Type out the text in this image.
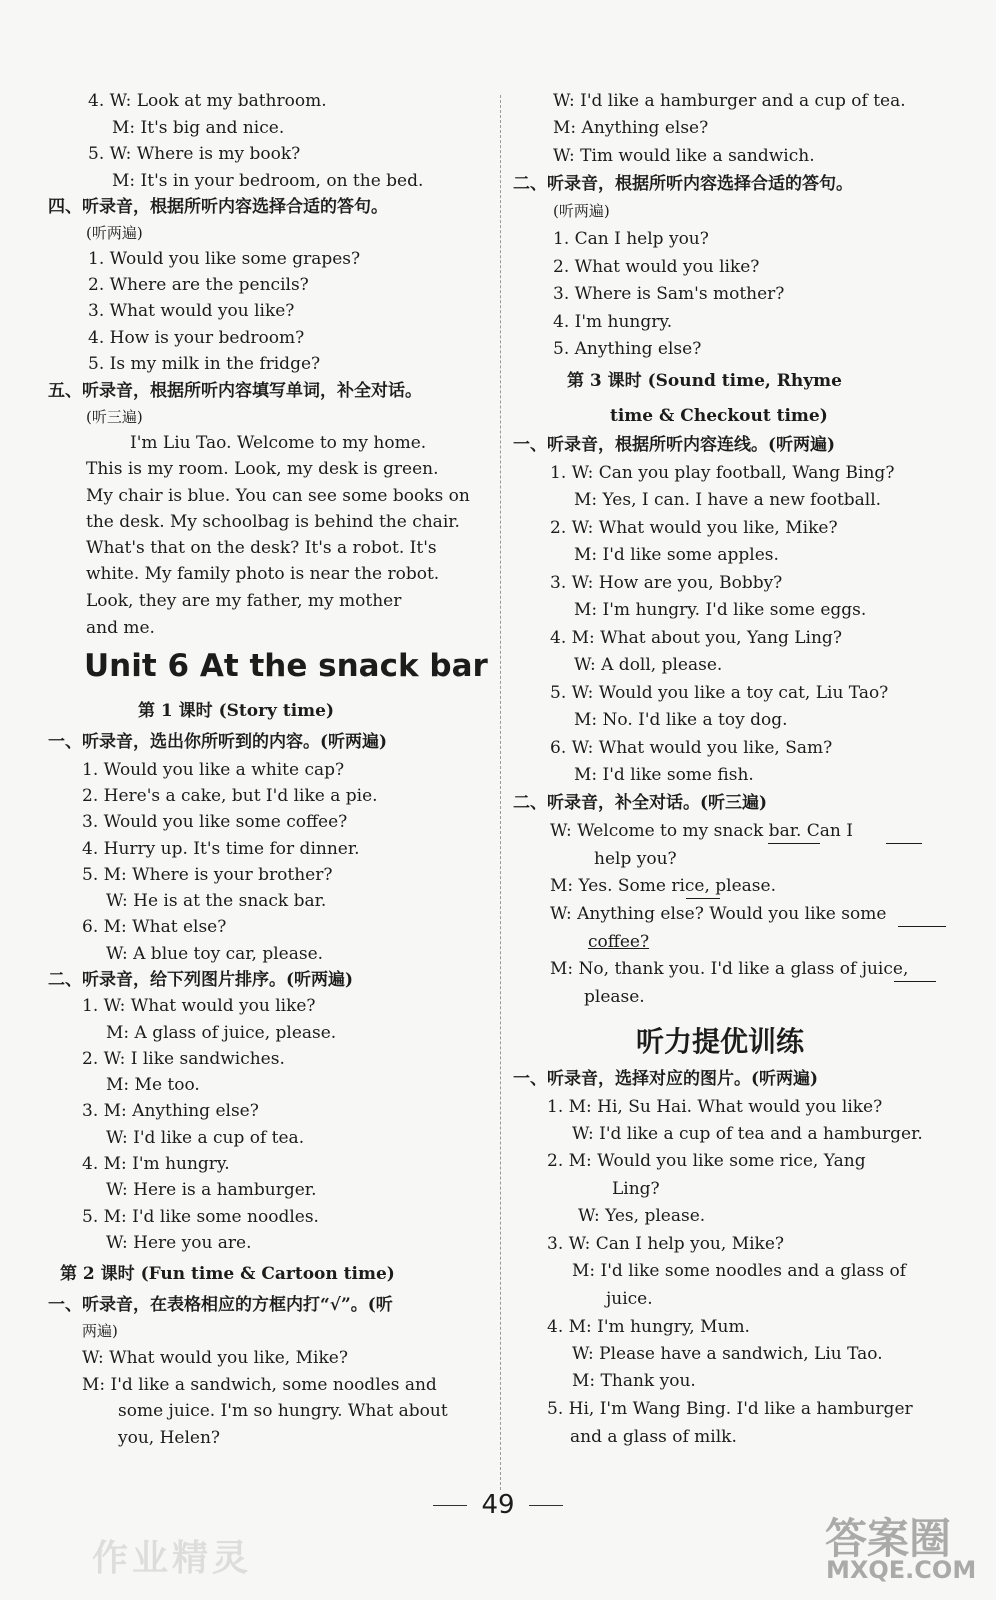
4. W: Look at my bathroom.
M: It's big and nice.
5. W: Where is my book?
M: It's in your bedroom, on the bed.
四、听录音，根据所听内容选择合适的答句。
(听两遍)
1. Would you like some grapes?
2. Where are the pencils?
3. What would you like?
4. How is your bedroom?
5. Is my milk in the fridge?
五、听录音，根据所听内容填写单词，补全对话。
(听三遍)
I'm Liu Tao. Welcome to my home.
This is my room. Look, my desk is green.
My chair is blue. You can see some books on
the desk. My schoolbag is behind the chair.
What's that on the desk? It's a robot. It's
white. My family photo is near the robot.
Look, they are my father, my mother
and me.
第 1 课时 (Story time)
一、听录音，选出你所听到的内容。(听两遍)
1. Would you like a white cap?
2. Here's a cake, but I'd like a pie.
3. Would you like some coffee?
4. Hurry up. It's time for dinner.
5. M: Where is your brother?
W: He is at the snack bar.
6. M: What else?
W: A blue toy car, please.
二、听录音，给下列图片排序。(听两遍)
1. W: What would you like?
M: A glass of juice, please.
2. W: I like sandwiches.
M: Me too.
3. M: Anything else?
W: I'd like a cup of tea.
4. M: I'm hungry.
W: Here is a hamburger.
5. M: I'd like some noodles.
W: Here you are.
第 2 课时 (Fun time & Cartoon time)
一、听录音，在表格相应的方框内打“√”。(听
两遍)
W: What would you like, Mike?
M: I'd like a sandwich, some noodles and
some juice. I'm so hungry. What about
you, Helen?
W: I'd like a hamburger and a cup of tea.
M: Anything else?
W: Tim would like a sandwich.
二、听录音，根据所听内容选择合适的答句。
(听两遍)
1. Can I help you?
2. What would you like?
3. Where is Sam's mother?
4. I'm hungry.
5. Anything else?
第 3 课时 (Sound time, Rhyme
time & Checkout time)
一、听录音，根据所听内容连线。(听两遍)
1. W: Can you play football, Wang Bing?
M: Yes, I can. I have a new football.
2. W: What would you like, Mike?
M: I'd like some apples.
3. W: How are you, Bobby?
M: I'm hungry. I'd like some eggs.
4. M: What about you, Yang Ling?
W: A doll, please.
5. W: Would you like a toy cat, Liu Tao?
M: No. I'd like a toy dog.
6. W: What would you like, Sam?
M: I'd like some fish.
二、听录音，补全对话。(听三遍)
help you?
M: Yes. Some rice, please.
M: No, thank you. I'd like a glass of juice,
please.
一、听录音，选择对应的图片。(听两遍)
1. M: Hi, Su Hai. What would you like?
W: I'd like a cup of tea and a hamburger.
2. M: Would you like some rice, Yang
Ling?
W: Yes, please.
3. W: Can I help you, Mike?
M: I'd like some noodles and a glass of
juice.
4. M: I'm hungry, Mum.
W: Please have a sandwich, Liu Tao.
M: Thank you.
5. Hi, I'm Wang Bing. I'd like a hamburger
and a glass of milk.
Unit 6 At the snack bar
听力提优训练
W: Welcome to my snack bar. Can I
W: Anything else? Would you like some
coffee?
49
作业精灵	答案圈
MXQE.COM
